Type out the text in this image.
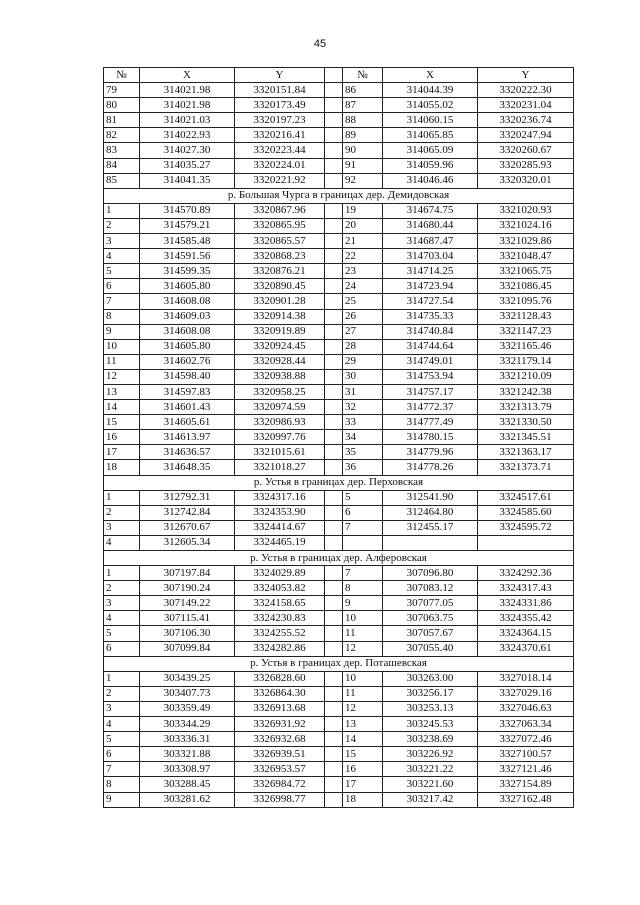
45
№	X	Y		№	X	Y
79	314021.98	3320151.84		86	314044.39	3320222.30
80	314021.98	3320173.49		87	314055.02	3320231.04
81	314021.03	3320197.23		88	314060.15	3320236.74
82	314022.93	3320216.41		89	314065.85	3320247.94
83	314027.30	3320223.44		90	314065.09	3320260.67
84	314035.27	3320224.01		91	314059.96	3320285.93
85	314041.35	3320221.92		92	314046.46	3320320.01
р. Большая Чурга в границах дер. Демидовская						
1	314570.89	3320867.96		19	314674.75	3321020.93
2	314579.21	3320865.95		20	314680.44	3321024.16
3	314585.48	3320865.57		21	314687.47	3321029.86
4	314591.56	3320868.23		22	314703.04	3321048.47
5	314599.35	3320876.21		23	314714.25	3321065.75
6	314605.80	3320890.45		24	314723.94	3321086.45
7	314608.08	3320901.28		25	314727.54	3321095.76
8	314609.03	3320914.38		26	314735.33	3321128.43
9	314608.08	3320919.89		27	314740.84	3321147.23
10	314605.80	3320924.45		28	314744.64	3321165.46
11	314602.76	3320928.44		29	314749.01	3321179.14
12	314598.40	3320938.88		30	314753.94	3321210.09
13	314597.83	3320958.25		31	314757.17	3321242.38
14	314601.43	3320974.59		32	314772.37	3321313.79
15	314605.61	3320986.93		33	314777.49	3321330.50
16	314613.97	3320997.76		34	314780.15	3321345.51
17	314636.57	3321015.61		35	314779.96	3321363.17
18	314648.35	3321018.27		36	314778.26	3321373.71
р. Устья в границах дер. Перховская						
1	312792.31	3324317.16		5	312541.90	3324517.61
2	312742.84	3324353.90		6	312464.80	3324585.60
3	312670.67	3324414.67		7	312455.17	3324595.72
4	312605.34	3324465.19				
р. Устья в границах дер. Алферовская						
1	307197.84	3324029.89		7	307096.80	3324292.36
2	307190.24	3324053.82		8	307083.12	3324317.43
3	307149.22	3324158.65		9	307077.05	3324331.86
4	307115.41	3324230.83		10	307063.75	3324355.42
5	307106.30	3324255.52		11	307057.67	3324364.15
6	307099.84	3324282.86		12	307055.40	3324370.61
р. Устья в границах дер. Поташевская						
1	303439.25	3326828.60		10	303263.00	3327018.14
2	303407.73	3326864.30		11	303256.17	3327029.16
3	303359.49	3326913.68		12	303253.13	3327046.63
4	303344.29	3326931.92		13	303245.53	3327063.34
5	303336.31	3326932.68		14	303238.69	3327072.46
6	303321.88	3326939.51		15	303226.92	3327100.57
7	303308.97	3326953.57		16	303221.22	3327121.46
8	303288.45	3326984.72		17	303221.60	3327154.89
9	303281.62	3326998.77		18	303217.42	3327162.48
